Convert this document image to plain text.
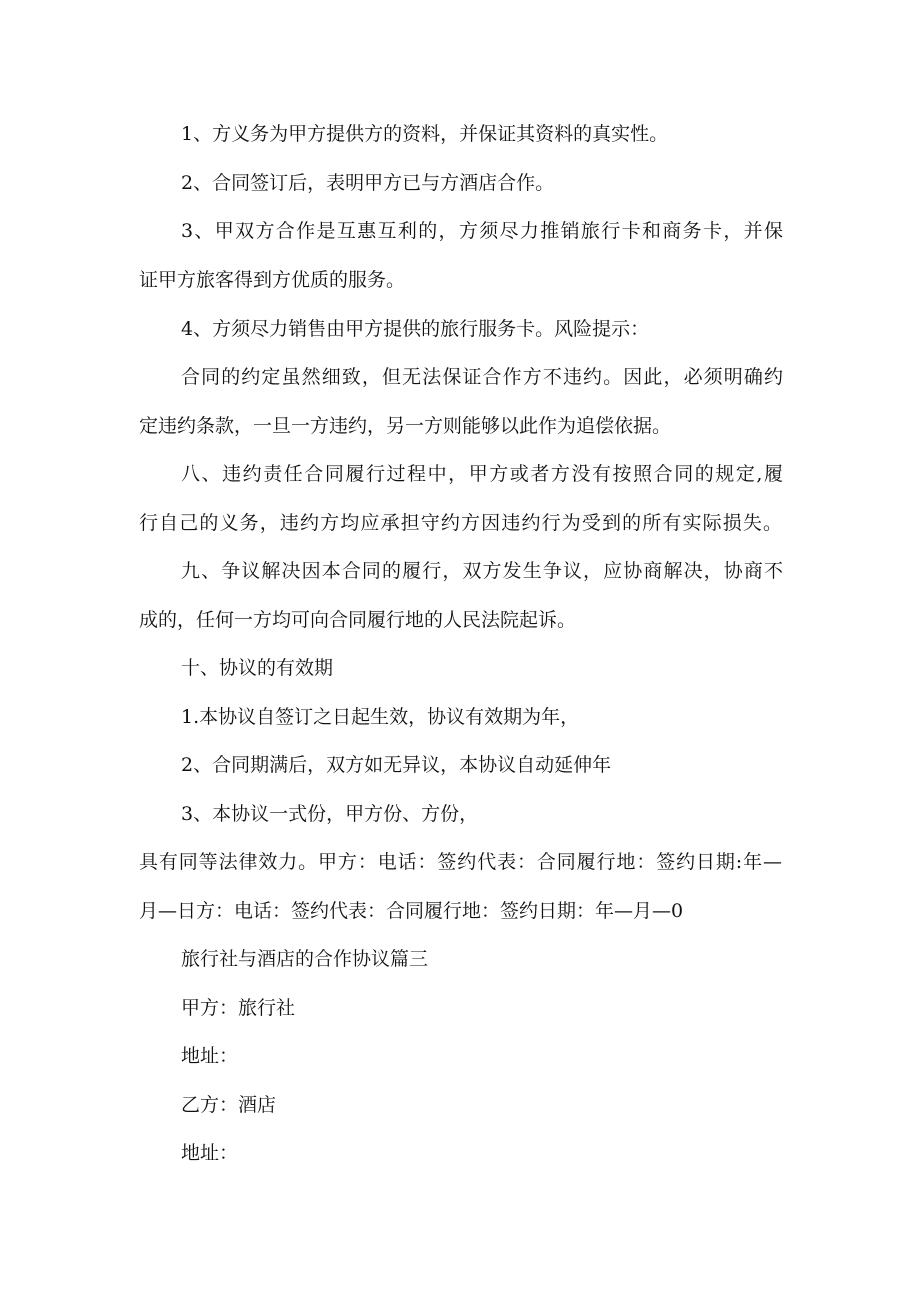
1、方义务为甲方提供方的资料，并保证其资料的真实性。

2、合同签订后，表明甲方已与方酒店合作。

3、甲双方合作是互惠互利的，方须尽力推销旅行卡和商务卡，并保

证甲方旅客得到方优质的服务。

4、方须尽力销售由甲方提供的旅行服务卡。风险提示：

合同的约定虽然细致，但无法保证合作方不违约。因此，必须明确约

定违约条款，一旦一方违约，另一方则能够以此作为追偿依据。

八、违约责任合同履行过程中，甲方或者方没有按照合同的规定,履

行自己的义务，违约方均应承担守约方因违约行为受到的所有实际损失。

九、争议解决因本合同的履行，双方发生争议，应协商解决，协商不

成的，任何一方均可向合同履行地的人民法院起诉。

十、协议的有效期

1.本协议自签订之日起生效，协议有效期为年，

2、合同期满后，双方如无异议，本协议自动延伸年

3、本协议一式份，甲方份、方份，

具有同等法律效力。甲方：电话：签约代表：合同履行地：签约日期:年—

月—日方：电话：签约代表：合同履行地：签约日期：年—月—0

旅行社与酒店的合作协议篇三

甲方：旅行社

地址：

乙方：酒店

地址：
